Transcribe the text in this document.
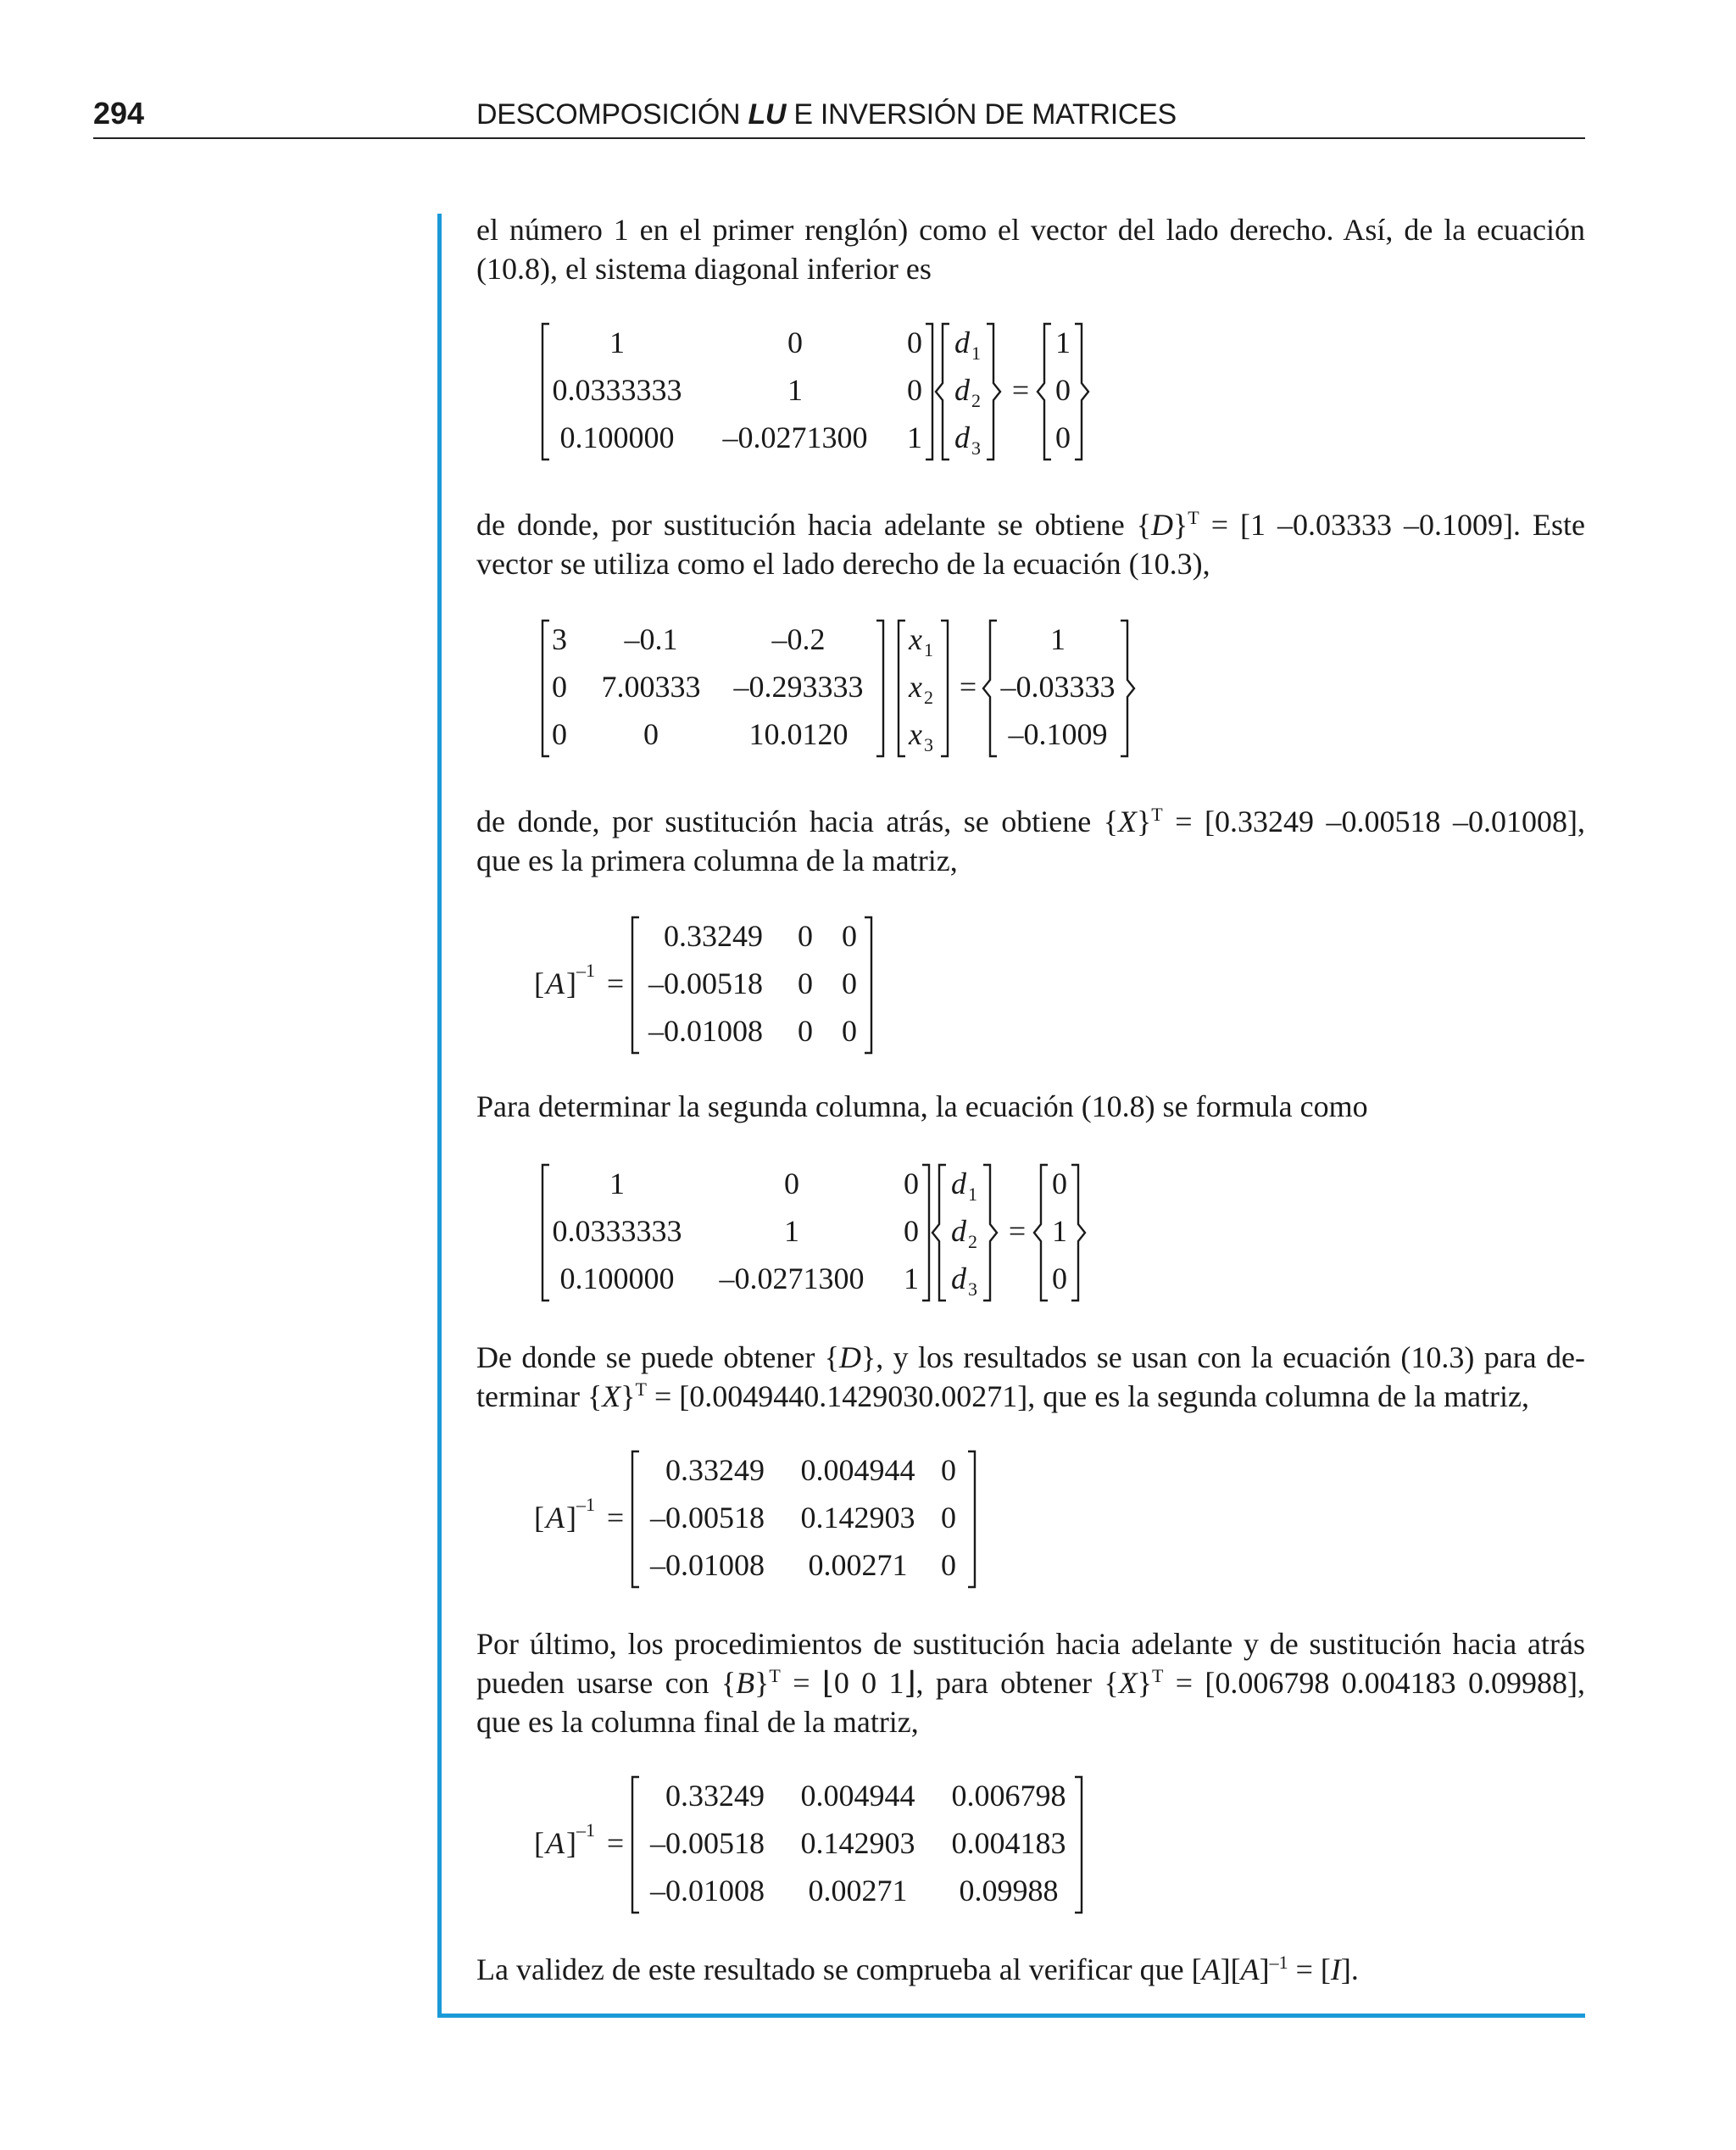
294	DESCOMPOSICIÓN LU E INVERSIÓN DE MATRICES
el número 1 en el primer renglón) como el vector del lado derecho. Así, de la ecuación
(10.8), el sistema diagonal inferior es
1	0	0
0.0333333	1	0
0.100000 –0.0271300 1
d 1
d 2
d 3
=
1
0
0
de donde, por sustitución hacia adelante se obtiene $\{D\}^T = [1$ –0.03333 –0.1009]. Este
vector se utiliza como el lado derecho de la ecuación (10.3),
3 –0.1	–0.2
0 7.00333 –0.293333
0	0	10.0120
x 1
x 2
x 3
=
1
–0.03333
–0.1009
de donde, por sustitución hacia atrás, se obtiene $\{X\}^T = [0.33249$ –0.00518 –0.01008],
que es la primera columna de la matriz,
[ A ] –1 =
0.33249 0 0
–0.00518 0 0
–0.01008 0 0
Para determinar la segunda columna, la ecuación (10.8) se formula como
1	0	0
0.0333333	1	0
0.100000 –0.0271300 1
d 1
d 2
d 3
=
0
1
0
De donde se puede obtener {D}, y los resultados se usan con la ecuación (10.3) para de-
terminar $\{X\}^T = [0.0049440.1429030.00271]$, que es la segunda columna de la matriz,
[ A ] –1 =
0.33249 0.004944 0
–0.00518 0.142903 0
–0.01008 0.00271 0
Por último, los procedimientos de sustitución hacia adelante y de sustitución hacia atrás
pueden usarse con $\{B\}^T$ = ⌊0 0 1⌋, para obtener $\{X\}^T = [0.006798$ 0.004183 0.09988],
que es la columna final de la matriz,
[ A ] –1 =
0.33249 0.004944 0.006798
–0.00518 0.142903 0.004183
–0.01008 0.00271 0.09988
La validez de este resultado se comprueba al verificar que $[A][A]^{-1} = [I]$.
